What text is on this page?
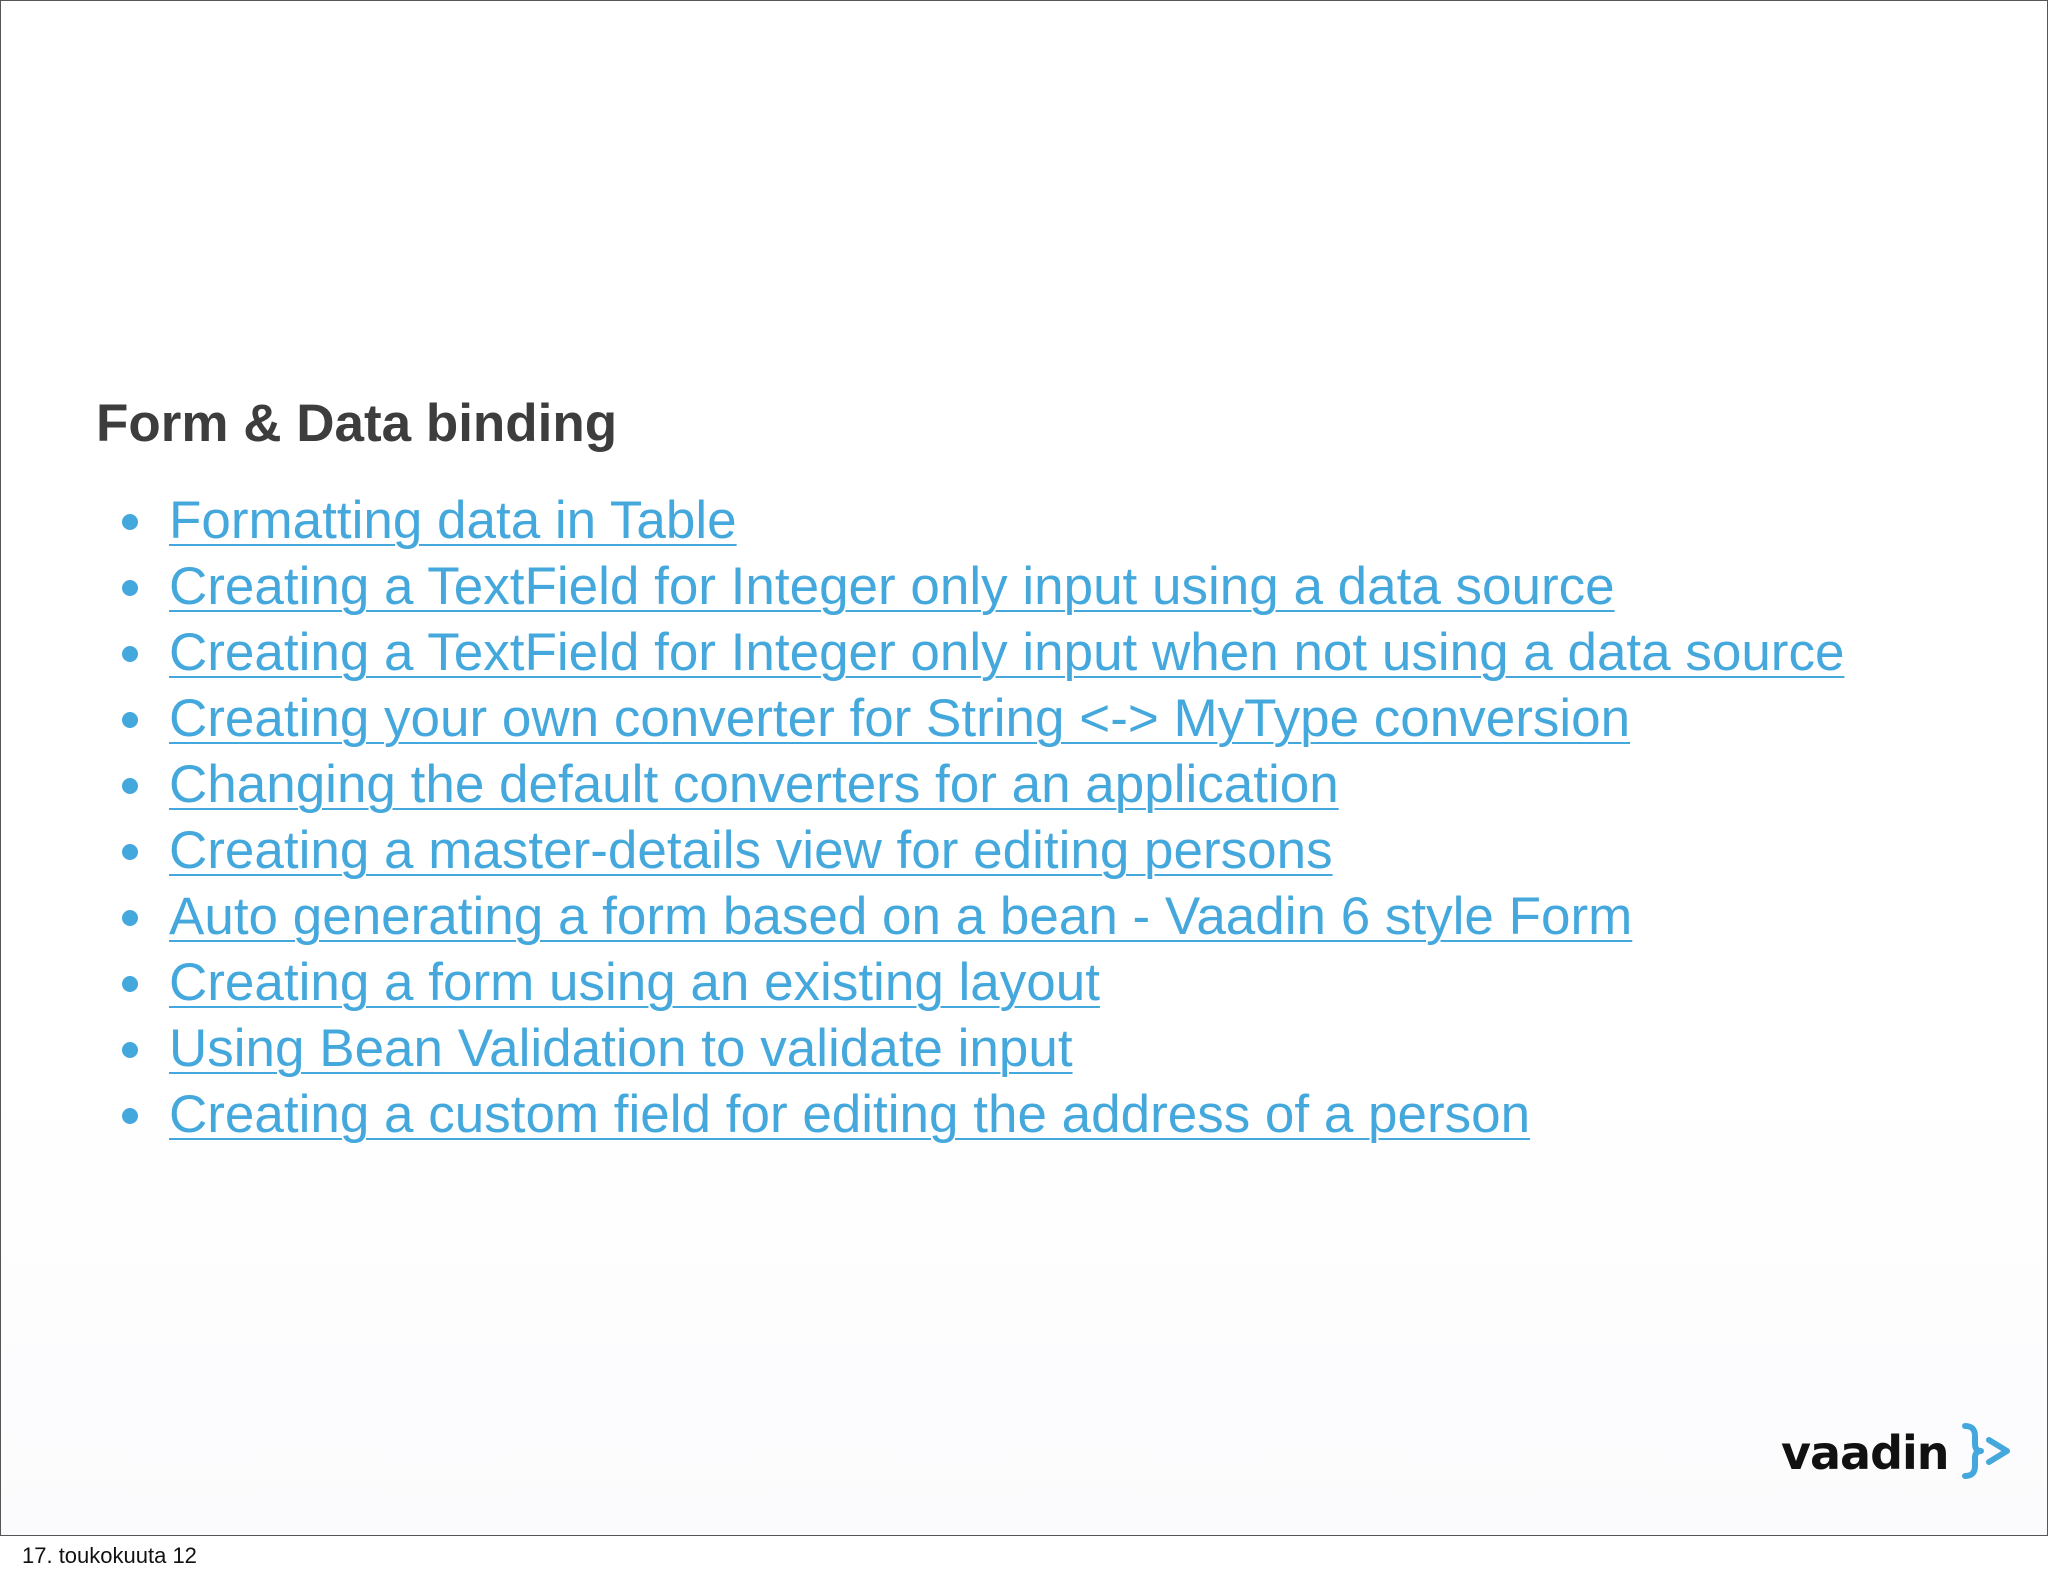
Form & Data binding
Formatting data in Table
Creating a TextField for Integer only input using a data source
Creating a TextField for Integer only input when not using a data source
Creating your own converter for String <-> MyType conversion
Changing the default converters for an application
Creating a master-details view for editing persons
Auto generating a form based on a bean - Vaadin 6 style Form
Creating a form using an existing layout
Using Bean Validation to validate input
Creating a custom field for editing the address of a person
vaadin
17. toukokuuta 12
